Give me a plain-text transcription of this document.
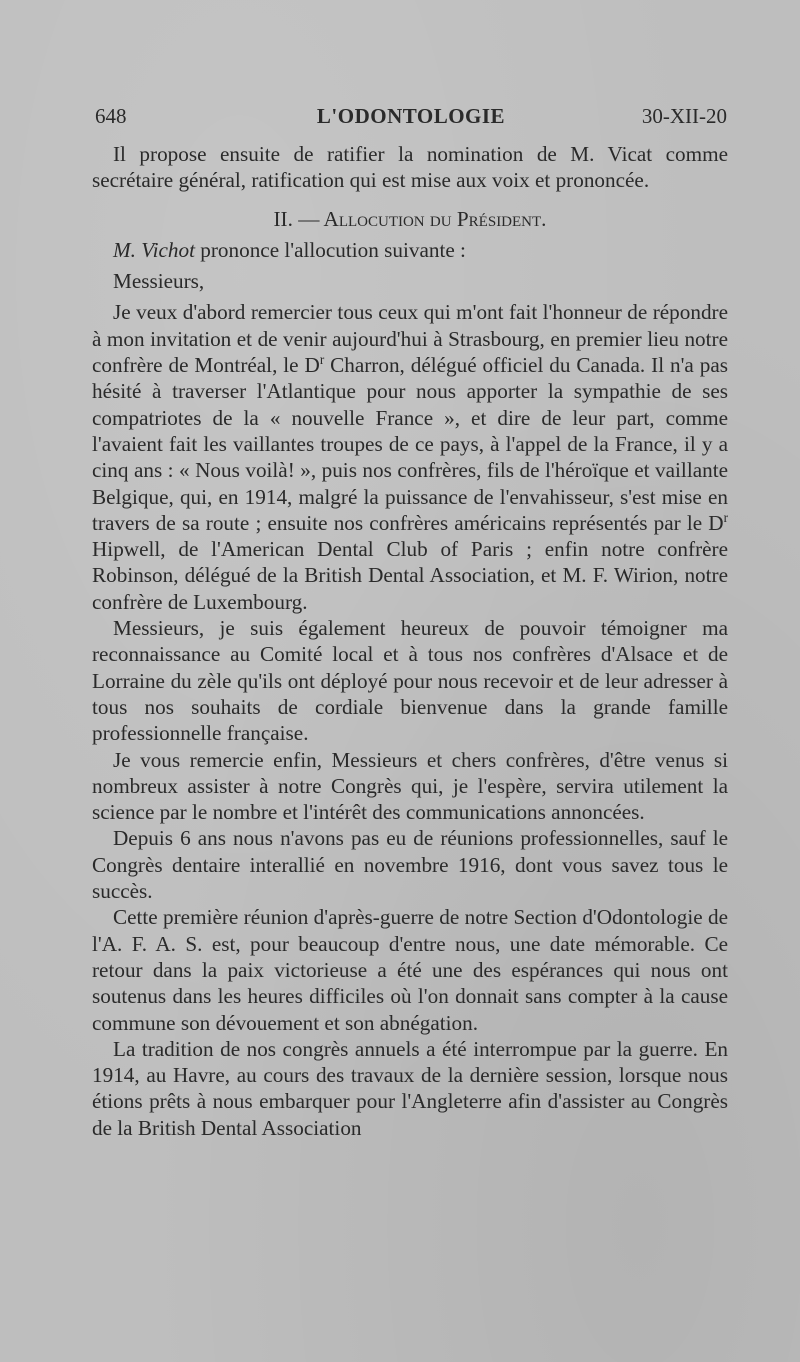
648	L'ODONTOLOGIE	30-XII-20

Il propose ensuite de ratifier la nomination de M. Vicat comme secrétaire général, ratification qui est mise aux voix et prononcée.

II. — Allocution du Président.

M. Vichot prononce l'allocution suivante :

Messieurs,

Je veux d'abord remercier tous ceux qui m'ont fait l'honneur de répondre à mon invitation et de venir aujourd'hui à Strasbourg, en premier lieu notre confrère de Montréal, le $D^r$ Charron, délégué officiel du Canada. Il n'a pas hésité à traverser l'Atlantique pour nous apporter la sympathie de ses compatriotes de la « nouvelle France », et dire de leur part, comme l'avaient fait les vaillantes troupes de ce pays, à l'appel de la France, il y a cinq ans : « Nous voilà! », puis nos confrères, fils de l'héroïque et vaillante Belgique, qui, en 1914, malgré la puissance de l'envahisseur, s'est mise en travers de sa route ; ensuite nos confrères américains représentés par le $D^r$ Hipwell, de l'American Dental Club of Paris ; enfin notre confrère Robinson, délégué de la British Dental Association, et M. F. Wirion, notre confrère de Luxembourg.

Messieurs, je suis également heureux de pouvoir témoigner ma reconnaissance au Comité local et à tous nos confrères d'Alsace et de Lorraine du zèle qu'ils ont déployé pour nous recevoir et de leur adresser à tous nos souhaits de cordiale bienvenue dans la grande famille professionnelle française.

Je vous remercie enfin, Messieurs et chers confrères, d'être venus si nombreux assister à notre Congrès qui, je l'espère, servira utilement la science par le nombre et l'intérêt des communications annoncées.

Depuis 6 ans nous n'avons pas eu de réunions professionnelles, sauf le Congrès dentaire interallié en novembre 1916, dont vous savez tous le succès.

Cette première réunion d'après-guerre de notre Section d'Odontologie de l'A. F. A. S. est, pour beaucoup d'entre nous, une date mémorable. Ce retour dans la paix victorieuse a été une des espérances qui nous ont soutenus dans les heures difficiles où l'on donnait sans compter à la cause commune son dévouement et son abnégation.

La tradition de nos congrès annuels a été interrompue par la guerre. En 1914, au Havre, au cours des travaux de la dernière session, lorsque nous étions prêts à nous embarquer pour l'Angleterre afin d'assister au Congrès de la British Dental Association
